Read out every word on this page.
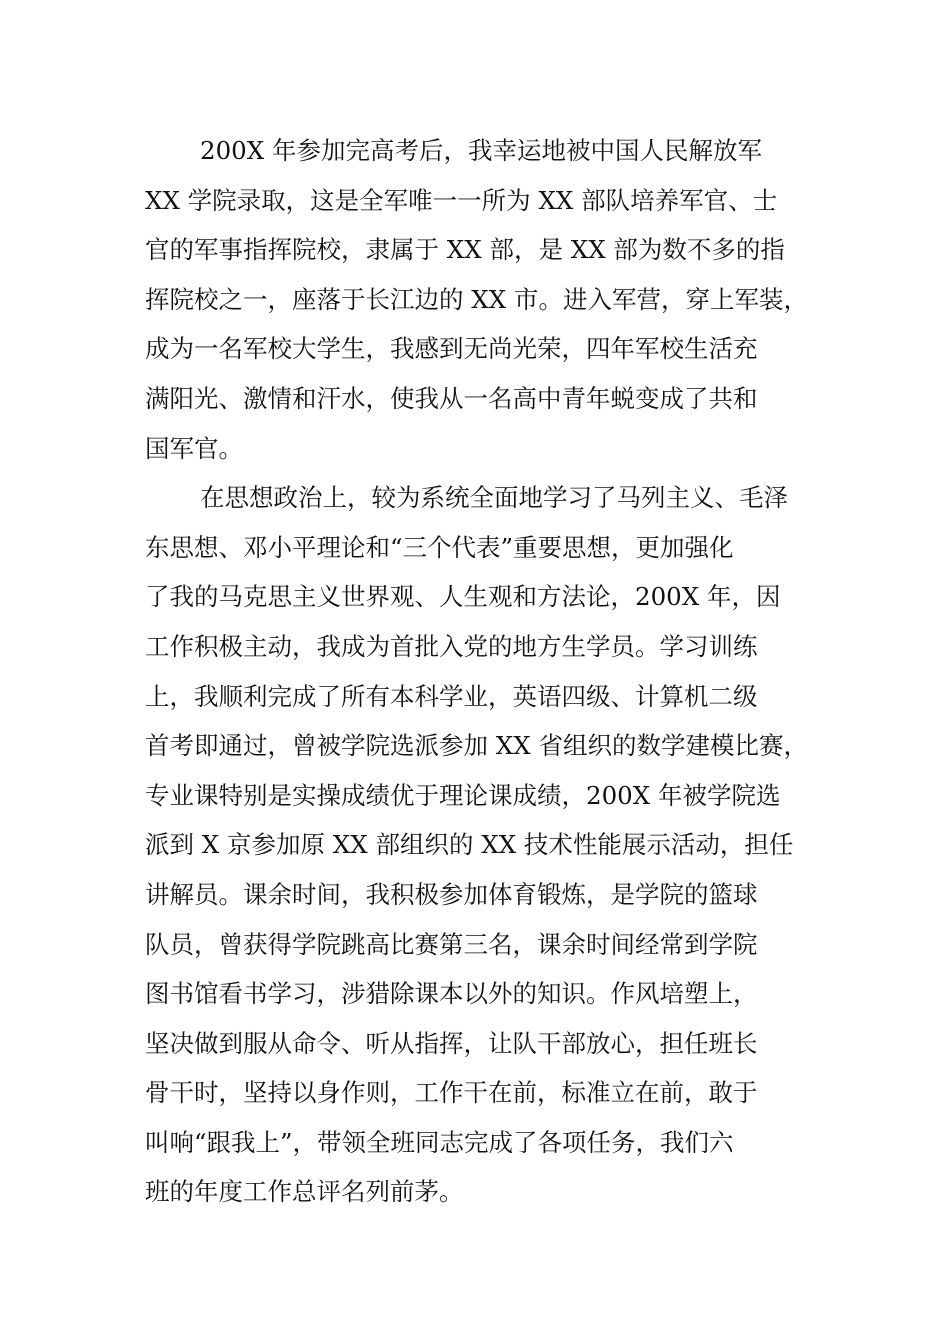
200X 年参加完高考后，我幸运地被中国人民解放军
XX 学院录取，这是全军唯一一所为 XX 部队培养军官、士
官的军事指挥院校，隶属于 XX 部，是 XX 部为数不多的指
挥院校之一，座落于长江边的 XX 市。进入军营，穿上军装，
成为一名军校大学生，我感到无尚光荣，四年军校生活充
满阳光、激情和汗水，使我从一名高中青年蜕变成了共和
国军官。
在思想政治上，较为系统全面地学习了马列主义、毛泽
东思想、邓小平理论和“三个代表”重要思想，更加强化
了我的马克思主义世界观、人生观和方法论，200X 年，因
工作积极主动，我成为首批入党的地方生学员。学习训练
上，我顺利完成了所有本科学业，英语四级、计算机二级
首考即通过，曾被学院选派参加 XX 省组织的数学建模比赛，
专业课特别是实操成绩优于理论课成绩，200X 年被学院选
派到 X 京参加原 XX 部组织的 XX 技术性能展示活动，担任
讲解员。课余时间，我积极参加体育锻炼，是学院的篮球
队员，曾获得学院跳高比赛第三名，课余时间经常到学院
图书馆看书学习，涉猎除课本以外的知识。作风培塑上，
坚决做到服从命令、听从指挥，让队干部放心，担任班长
骨干时，坚持以身作则，工作干在前，标准立在前，敢于
叫响“跟我上”，带领全班同志完成了各项任务，我们六
班的年度工作总评名列前茅。
